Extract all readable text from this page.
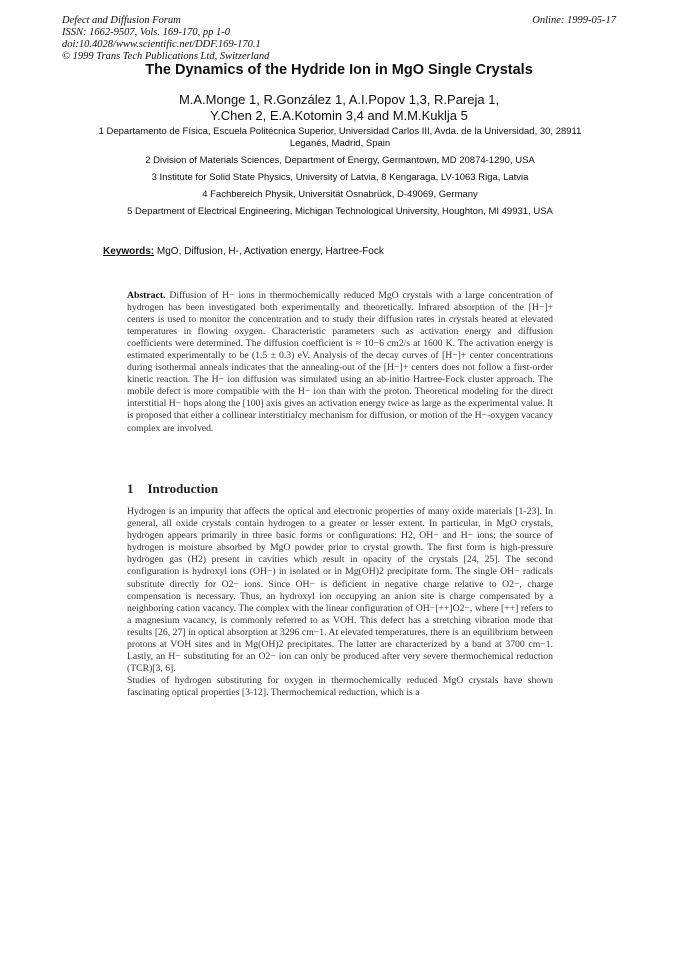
Defect and Diffusion Forum
ISSN: 1662-9507, Vols. 169-170, pp 1-0
doi:10.4028/www.scientific.net/DDF.169-170.1
© 1999 Trans Tech Publications Ltd, Switzerland
Online: 1999-05-17
The Dynamics of the Hydride Ion in MgO Single Crystals
M.A.Monge 1, R.González 1, A.I.Popov 1,3, R.Pareja 1,
Y.Chen 2, E.A.Kotomin 3,4 and M.M.Kuklja 5
1 Departamento de Física, Escuela Politécnica Superior, Universidad Carlos III, Avda. de la Universidad, 30, 28911 Leganés, Madrid, Spain
2 Division of Materials Sciences, Department of Energy, Germantown, MD 20874-1290, USA
3 Institute for Solid State Physics, University of Latvia, 8 Kengaraga, LV-1063 Riga, Latvia
4 Fachbereich Physik, Universität Osnabrück, D-49069, Germany
5 Department of Electrical Engineering, Michigan Technological University, Houghton, MI 49931, USA
Keywords: MgO, Diffusion, H-, Activation energy, Hartree-Fock
Abstract. Diffusion of H− ions in thermochemically reduced MgO crystals with a large concentration of hydrogen has been investigated both experimentally and theoretically. Infrared absorption of the [H−]+ centers is used to monitor the concentration and to study their diffusion rates in crystals heated at elevated temperatures in flowing oxygen. Characteristic parameters such as activation energy and diffusion coefficients were determined. The diffusion coefficient is ≈ 10−6 cm2/s at 1600 K. The activation energy is estimated experimentally to be (1.5 ± 0.3) eV. Analysis of the decay curves of [H−]+ center concentrations during isothermal anneals indicates that the annealing-out of the [H−]+ centers does not follow a first-order kinetic reaction. The H− ion diffusion was simulated using an ab-initio Hartree-Fock cluster approach. The mobile defect is more compatible with the H− ion than with the proton. Theoretical modeling for the direct interstitial H− hops along the [100] axis gives an activation energy twice as large as the experimental value. It is proposed that either a collinear interstitialcy mechanism for diffusion, or motion of the H−-oxygen vacancy complex are involved.
1 Introduction

Hydrogen is an impurity that affects the optical and electronic properties of many oxide materials [1-23]. In general, all oxide crystals contain hydrogen to a greater or lesser extent. In particular, in MgO crystals, hydrogen appears primarily in three basic forms or configurations: H2, OH− and H− ions; the source of hydrogen is moisture absorbed by MgO powder prior to crystal growth. The first form is high-pressure hydrogen gas (H2) present in cavities which result in opacity of the crystals [24, 25]. The second configuration is hydroxyl ions (OH−) in isolated or in Mg(OH)2 precipitate form. The single OH− radicals substitute directly for O2− ions. Since OH− is deficient in negative charge relative to O2−, charge compensation is necessary. Thus, an hydroxyl ion occupying an anion site is charge compensated by a neighboring cation vacancy. The complex with the linear configuration of OH−[++]O2−, where [++] refers to a magnesium vacancy, is commonly referred to as VOH. This defect has a stretching vibration mode that results [26, 27] in optical absorption at 3296 cm−1. At elevated temperatures, there is an equilibrium between protons at VOH sites and in Mg(OH)2 precipitates. The latter are characterized by a band at 3700 cm−1. Lastly, an H− substituting for an O2− ion can only be produced after very severe thermochemical reduction (TCR)[3, 6].

Studies of hydrogen substituting for oxygen in thermochemically reduced MgO crystals have shown fascinating optical properties [3-12]. Thermochemical reduction, which is a
